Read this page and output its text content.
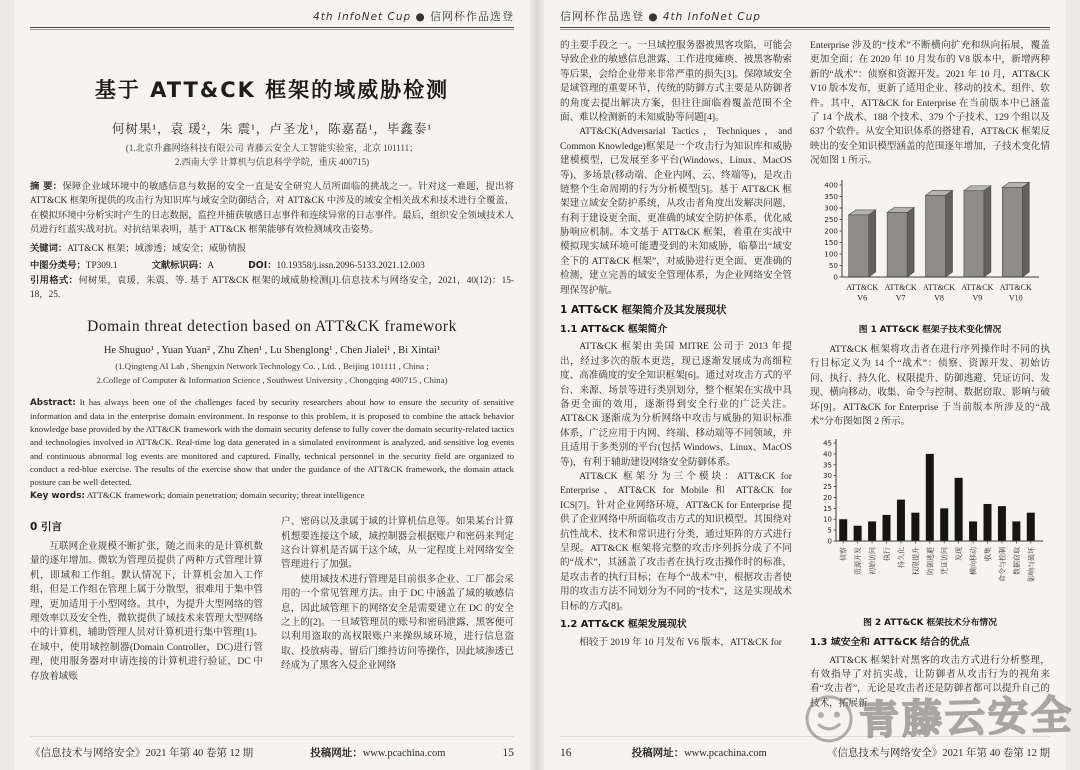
4th InfoNet Cup ● 信网杯作品选登
基于 ATT&CK 框架的域威胁检测
何树果¹，袁 瑗²，朱 震¹，卢圣龙¹，陈嘉磊¹，毕鑫泰¹
(1.北京升鑫网络科技有限公司 青藤云安全人工智能实验室，北京 101111；
2.西南大学 计算机与信息科学学院，重庆 400715)
摘 要：保障企业域环境中的敏感信息与数据的安全一直是安全研究人员所面临的挑战之一。针对这一难题，提出将 ATT&CK 框架所提供的攻击行为知识库与域安全防御结合，对 ATT&CK 中涉及的域安全相关战术和技术进行全覆盖，在模拟环境中分析实时产生的日志数据，监控并捕获敏感日志事件和连续异常的日志事件。最后，组织安全领域技术人员进行红蓝实战对抗。对抗结果表明，基于 ATT&CK 框架能够有效检测域攻击姿势。
关键词：ATT&CK 框架；域渗透；域安全；威胁情报
中图分类号：TP309.1	文献标识码：A	DOI：10.19358/j.issn.2096-5133.2021.12.003
引用格式：何树果，袁瑗，朱震，等. 基于 ATT&CK 框架的域威胁检测[J].信息技术与网络安全，2021，40(12)：15-18，25.
Domain threat detection based on ATT&CK framework
He Shuguo¹ , Yuan Yuan² , Zhu Zhen¹ , Lu Shenglong¹ , Chen Jialei¹ , Bi Xintai¹
(1.Qingteng AI Lab , Shengxin Network Technology Co. , Ltd. , Beijing 101111 , China ;
2.College of Computer & Information Science , Southwest University , Chongqing 400715 , China)
Abstract: It has always been one of the challenges faced by security researchers about how to ensure the security of sensitive information and data in the enterprise domain environment. In response to this problem, it is proposed to combine the attack behavior knowledge base provided by the ATT&CK framework with the domain security defense to fully cover the domain security-related tactics and technologies involved in ATT&CK. Real-time log data generated in a simulated environment is analyzed, and sensitive log events and continuous abnormal log events are monitored and captured. Finally, technical personnel in the security field are organized to conduct a red-blue exercise. The results of the exercise show that under the guidance of the ATT&CK framework, the domain attack posture can be well detected.
Key words: ATT&CK framework; domain penetration; domain security; threat intelligence
0 引言
互联网企业规模不断扩张，随之而来的是计算机数量的逐年增加。微软为管理员提供了两种方式管理计算机，即域和工作组。默认情况下，计算机会加入工作组，但是工作组在管理上属于分散型，很难用于集中管理，更加适用于小型网络。其中，为提升大型网络的管理效率以及安全性，微软提供了域技术来管理大型网络中的计算机，辅助管理人员对计算机进行集中管理[1]。在域中，使用域控制器(Domain Controller，DC)进行管理，使用服务器对申请连接的计算机进行验证，DC 中存放着域账
户、密码以及隶属于域的计算机信息等。如果某台计算机想要连接这个域，域控制器会根据账户和密码来判定这台计算机是否属于这个域，从一定程度上对网络安全管理进行了加强。
使用域技术进行管理是目前很多企业、工厂都会采用的一个常见管理方法。由于 DC 中涵盖了域的敏感信息，因此域管理下的网络安全是需要建立在 DC 的安全之上的[2]。一旦域管理员的账号和密码泄露，黑客便可以利用盗取的高权限账户来操纵域环境，进行信息盗取、投放病毒、留后门维持访问等操作，因此域渗透已经成为了黑客入侵企业网络
《信息技术与网络安全》2021 年第 40 卷第 12 期	投稿网址：www.pcachina.com	15
信网杯作品选登 ● 4th InfoNet Cup
的主要手段之一。一旦域控服务器被黑客攻陷，可能会导致企业的敏感信息泄露、工作进度瘫痪、被黑客勒索等后果，会给企业带来非常严重的损失[3]。保障域安全是域管理的重要环节，传统的防御方式主要是从防御者的角度去提出解决方案，但往往面临着覆盖范围不全面、难以检测新的未知威胁等问题[4]。
ATT&CK(Adversarial Tactics，Techniques，and Common Knowledge)框架是一个攻击行为知识库和威胁建模模型，已发展至多平台(Windows、Linux、MacOS 等)、多场景(移动端、企业内网、云、终端等)，是攻击链整个生命周期的行为分析模型[5]。基于 ATT&CK 框架建立域安全防护系统，从攻击者角度出发解决问题，有利于建设更全面、更准确的域安全防护体系，优化威胁响应机制。本文基于 ATT&CK 框架，着重在实战中模拟现实域环境可能遭受到的未知威胁，临摹出“域安全下的 ATT&CK 框架”，对威胁进行更全面、更准确的检测，建立完善的域安全管理体系，为企业网络安全管理保驾护航。
1 ATT&CK 框架简介及其发展现状
1.1 ATT&CK 框架简介
ATT&CK 框架由美国 MITRE 公司于 2013 年提出，经过多次的版本更迭，现已逐渐发展成为高细粒度、高准确度的安全知识框架[6]。通过对攻击方式的平台、来源、场景等进行类别划分，整个框架在实战中具备更全面的效用，逐渐得到安全行业的广泛关注。ATT&CK 逐渐成为分析网络中攻击与威胁的知识标准体系，广泛应用于内网、终端、移动端等不同领域，并且适用于多类别的平台(包括 Windows、Linux、MacOS 等)，有利于辅助建设网络安全防御体系。
ATT&CK 框架分为三个模块：ATT&CK for Enterprise、ATT&CK for Mobile 和 ATT&CK for ICS[7]。针对企业网络环境，ATT&CK for Enterprise 提供了企业网络中所面临攻击方式的知识模型。其围绕对抗性战术、技术和常识进行分类，通过矩阵的方式进行呈现。ATT&CK 框架将完整的攻击序列拆分成了不同的“战术”，其涵盖了攻击者在执行攻击操作时的标准，是攻击者的执行目标；在每个“战术”中，根据攻击者使用的攻击方法不同划分为不同的“技术”，这是实现战术目标的方式[8]。
1.2 ATT&CK 框架发展现状
相较于 2019 年 10 月发布 V6 版本，ATT&CK for
Enterprise 涉及的“技术”不断横向扩充和纵向拓展，覆盖更加全面；在 2020 年 10 月发布的 V8 版本中，新增两种新的“战术”：侦察和资源开发。2021 年 10 月，ATT&CK V10 版本发布，更新了适用企业、移动的技术、组件、软件。其中，ATT&CK for Enterprise 在当前版本中已涵盖了 14 个战术、188 个技术、379 个子技术、129 个组以及 637 个软件。从安全知识体系的搭建看，ATT&CK 框架反映出的安全知识模型涵盖的范围逐年增加，子技术变化情况如图 1 所示。
0
50
100
150
200
250
300
350
400
ATT&CK V6
ATT&CK V7
ATT&CK V8
ATT&CK V9
ATT&CK V10
图 1 ATT&CK 框架子技术变化情况
ATT&CK 框架将攻击者在进行序列操作时不同的执行目标定义为 14 个“战术”：侦察、资源开发、初始访问、执行、持久化、权限提升、防御逃避、凭证访问、发现、横向移动、收集、命令与控制、数据窃取、影响与破坏[9]。ATT&CK for Enterprise 于当前版本所涉及的“战术”分布图如图 2 所示。
0
5
10
15
20
25
30
35
40
45
侦察 资源开发 初始访问 执行 持久化 权限提升 防御逃避 凭证访问 发现 横向移动 收集 命令与控制 数据窃取 影响与破坏
图 2 ATT&CK 框架技术分布情况
1.3 域安全和 ATT&CK 结合的优点
ATT&CK 框架针对黑客的攻击方式进行分析整理，有效指导了对抗实战，让防御者从攻击行为的视角来看“攻击者”，无论是攻击者还是防御者都可以提升自己的技术，拓展新
青藤云安全
16	投稿网址：www.pcachina.com	《信息技术与网络安全》2021 年第 40 卷第 12 期
